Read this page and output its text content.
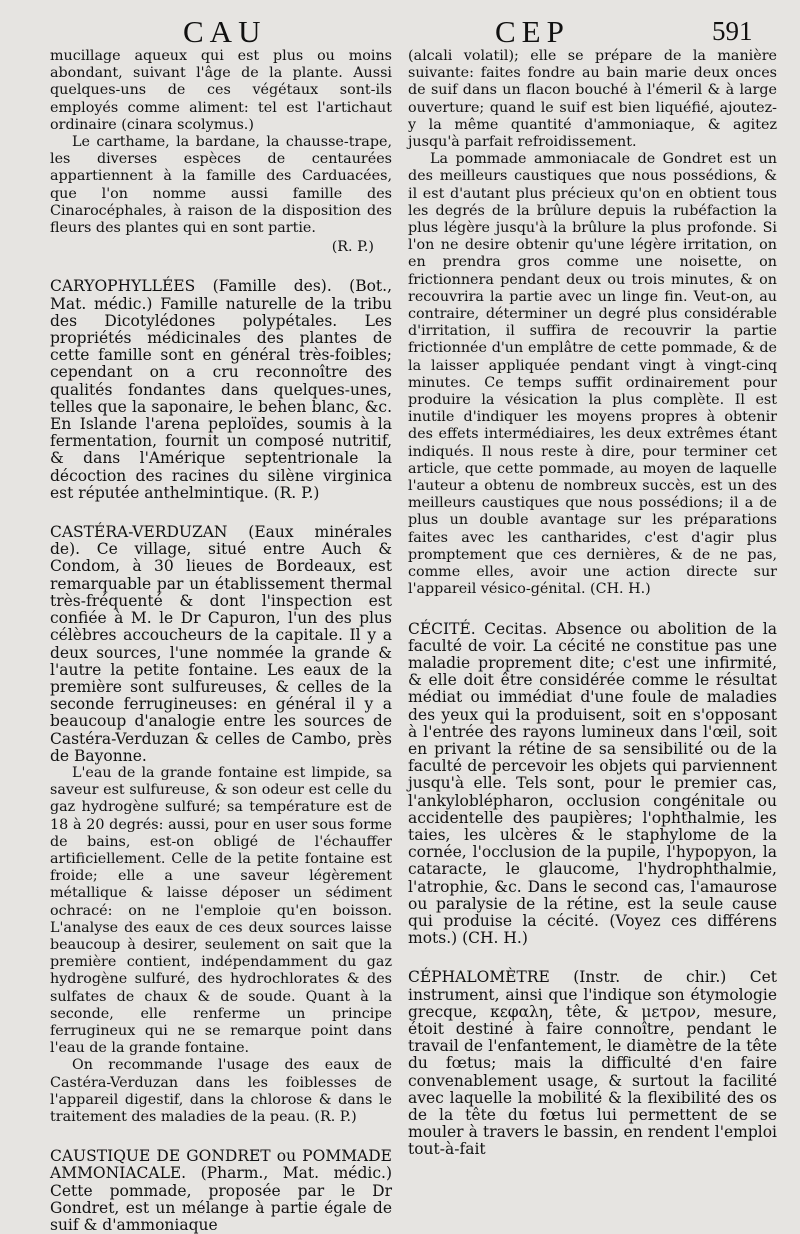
CAU	CEP	591

mucillage aqueux qui est plus ou moins abondant, suivant l'âge de la plante. Aussi quelques-uns de ces végétaux sont-ils employés comme aliment: tel est l'artichaut ordinaire (cinara scolymus.)

Le carthame, la bardane, la chausse-trape, les diverses espèces de centaurées appartiennent à la famille des Carduacées, que l'on nomme aussi famille des Cinarocéphales, à raison de la disposition des fleurs des plantes qui en sont partie.

(R. P.)

CARYOPHYLLÉES (Famille des). (Bot., Mat. médic.) Famille naturelle de la tribu des Dicotylédones polypétales. Les propriétés médicinales des plantes de cette famille sont en général très-foibles; cependant on a cru reconnoître des qualités fondantes dans quelques-unes, telles que la saponaire, le behen blanc, &c. En Islande l'arena peploïdes, soumis à la fermentation, fournit un composé nutritif, & dans l'Amérique septentrionale la décoction des racines du silène virginica est réputée anthelmintique. (R. P.)

CASTÉRA-VERDUZAN (Eaux minérales de). Ce village, situé entre Auch & Condom, à 30 lieues de Bordeaux, est remarquable par un établissement thermal très-fréquenté & dont l'inspection est confiée à M. le Dr Capuron, l'un des plus célèbres accoucheurs de la capitale. Il y a deux sources, l'une nommée la grande & l'autre la petite fontaine. Les eaux de la première sont sulfureuses, & celles de la seconde ferrugineuses: en général il y a beaucoup d'analogie entre les sources de Castéra-Verduzan & celles de Cambo, près de Bayonne.

L'eau de la grande fontaine est limpide, sa saveur est sulfureuse, & son odeur est celle du gaz hydrogène sulfuré; sa température est de 18 à 20 degrés: aussi, pour en user sous forme de bains, est-on obligé de l'échauffer artificiellement. Celle de la petite fontaine est froide; elle a une saveur légèrement métallique & laisse déposer un sédiment ochracé: on ne l'emploie qu'en boisson. L'analyse des eaux de ces deux sources laisse beaucoup à desirer, seulement on sait que la première contient, indépendamment du gaz hydrogène sulfuré, des hydrochlorates & des sulfates de chaux & de soude. Quant à la seconde, elle renferme un principe ferrugineux qui ne se remarque point dans l'eau de la grande fontaine.

On recommande l'usage des eaux de Castéra-Verduzan dans les foiblesses de l'appareil digestif, dans la chlorose & dans le traitement des maladies de la peau. (R. P.)

CAUSTIQUE DE GONDRET ou POMMADE AMMONIACALE. (Pharm., Mat. médic.) Cette pommade, proposée par le Dr Gondret, est un mélange à partie égale de suif & d'ammoniaque

(alcali volatil); elle se prépare de la manière suivante: faites fondre au bain marie deux onces de suif dans un flacon bouché à l'émeril & à large ouverture; quand le suif est bien liquéfié, ajoutez-y la même quantité d'ammoniaque, & agitez jusqu'à parfait refroidissement.

La pommade ammoniacale de Gondret est un des meilleurs caustiques que nous possédions, & il est d'autant plus précieux qu'on en obtient tous les degrés de la brûlure depuis la rubéfaction la plus légère jusqu'à la brûlure la plus profonde. Si l'on ne desire obtenir qu'une légère irritation, on en prendra gros comme une noisette, on frictionnera pendant deux ou trois minutes, & on recouvrira la partie avec un linge fin. Veut-on, au contraire, déterminer un degré plus considérable d'irritation, il suffira de recouvrir la partie frictionnée d'un emplâtre de cette pommade, & de la laisser appliquée pendant vingt à vingt-cinq minutes. Ce temps suffit ordinairement pour produire la vésication la plus complète. Il est inutile d'indiquer les moyens propres à obtenir des effets intermédiaires, les deux extrêmes étant indiqués. Il nous reste à dire, pour terminer cet article, que cette pommade, au moyen de laquelle l'auteur a obtenu de nombreux succès, est un des meilleurs caustiques que nous possédions; il a de plus un double avantage sur les préparations faites avec les cantharides, c'est d'agir plus promptement que ces dernières, & de ne pas, comme elles, avoir une action directe sur l'appareil vésico-génital. (CH. H.)

CÉCITÉ. Cecitas. Absence ou abolition de la faculté de voir. La cécité ne constitue pas une maladie proprement dite; c'est une infirmité, & elle doit être considérée comme le résultat médiat ou immédiat d'une foule de maladies des yeux qui la produisent, soit en s'opposant à l'entrée des rayons lumineux dans l'œil, soit en privant la rétine de sa sensibilité ou de la faculté de percevoir les objets qui parviennent jusqu'à elle. Tels sont, pour le premier cas, l'ankyloblépharon, occlusion congénitale ou accidentelle des paupières; l'ophthalmie, les taies, les ulcères & le staphylome de la cornée, l'occlusion de la pupile, l'hypopyon, la cataracte, le glaucome, l'hydrophthalmie, l'atrophie, &c. Dans le second cas, l'amaurose ou paralysie de la rétine, est la seule cause qui produise la cécité. (Voyez ces différens mots.) (CH. H.)

CÉPHALOMÈTRE (Instr. de chir.) Cet instrument, ainsi que l'indique son étymologie grecque, κεφαλη, tête, & μετρον, mesure, étoit destiné à faire connoître, pendant le travail de l'enfantement, le diamètre de la tête du fœtus; mais la difficulté d'en faire convenablement usage, & surtout la facilité avec laquelle la mobilité & la flexibilité des os de la tête du fœtus lui permettent de se mouler à travers le bassin, en rendent l'emploi tout-à-fait
